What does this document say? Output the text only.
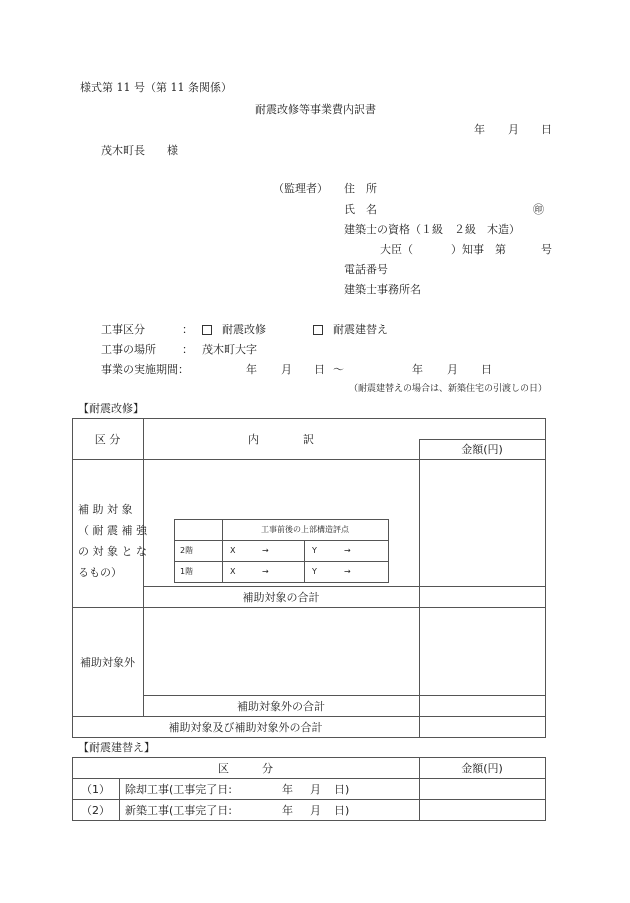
様式第 11 号（第 11 条関係）
耐震改修等事業費内訳書
年 月 日
茂木町長 様
（監理者） 住　所
氏　名	㊞
建築士の資格（１級　２級　木造）
大臣（	）知事　第	号
電話番号
建築士事務所名
工事区分	：	耐震改修	耐震建替え
工事の場所 ： 茂木町大字
事業の実施期間：	年 月 日 〜	年 月 日
（耐震建替えの場合は、新築住宅の引渡しの日）
【耐震改修】
区 分	内　　　　訳
金額(円)
補 助 対 象
（ 耐 震 補 強
の 対 象 と な
るもの）
工事前後の上部構造評点
2階	X	→	Y	→
1階	X	→	Y	→
補助対象の合計
補助対象外
補助対象外の合計
補助対象及び補助対象外の合計
【耐震建替え】
区　　　分	金額(円)
（1）	除却工事(工事完了日:	年 月 日)
（2）	新築工事(工事完了日:	年 月 日)
